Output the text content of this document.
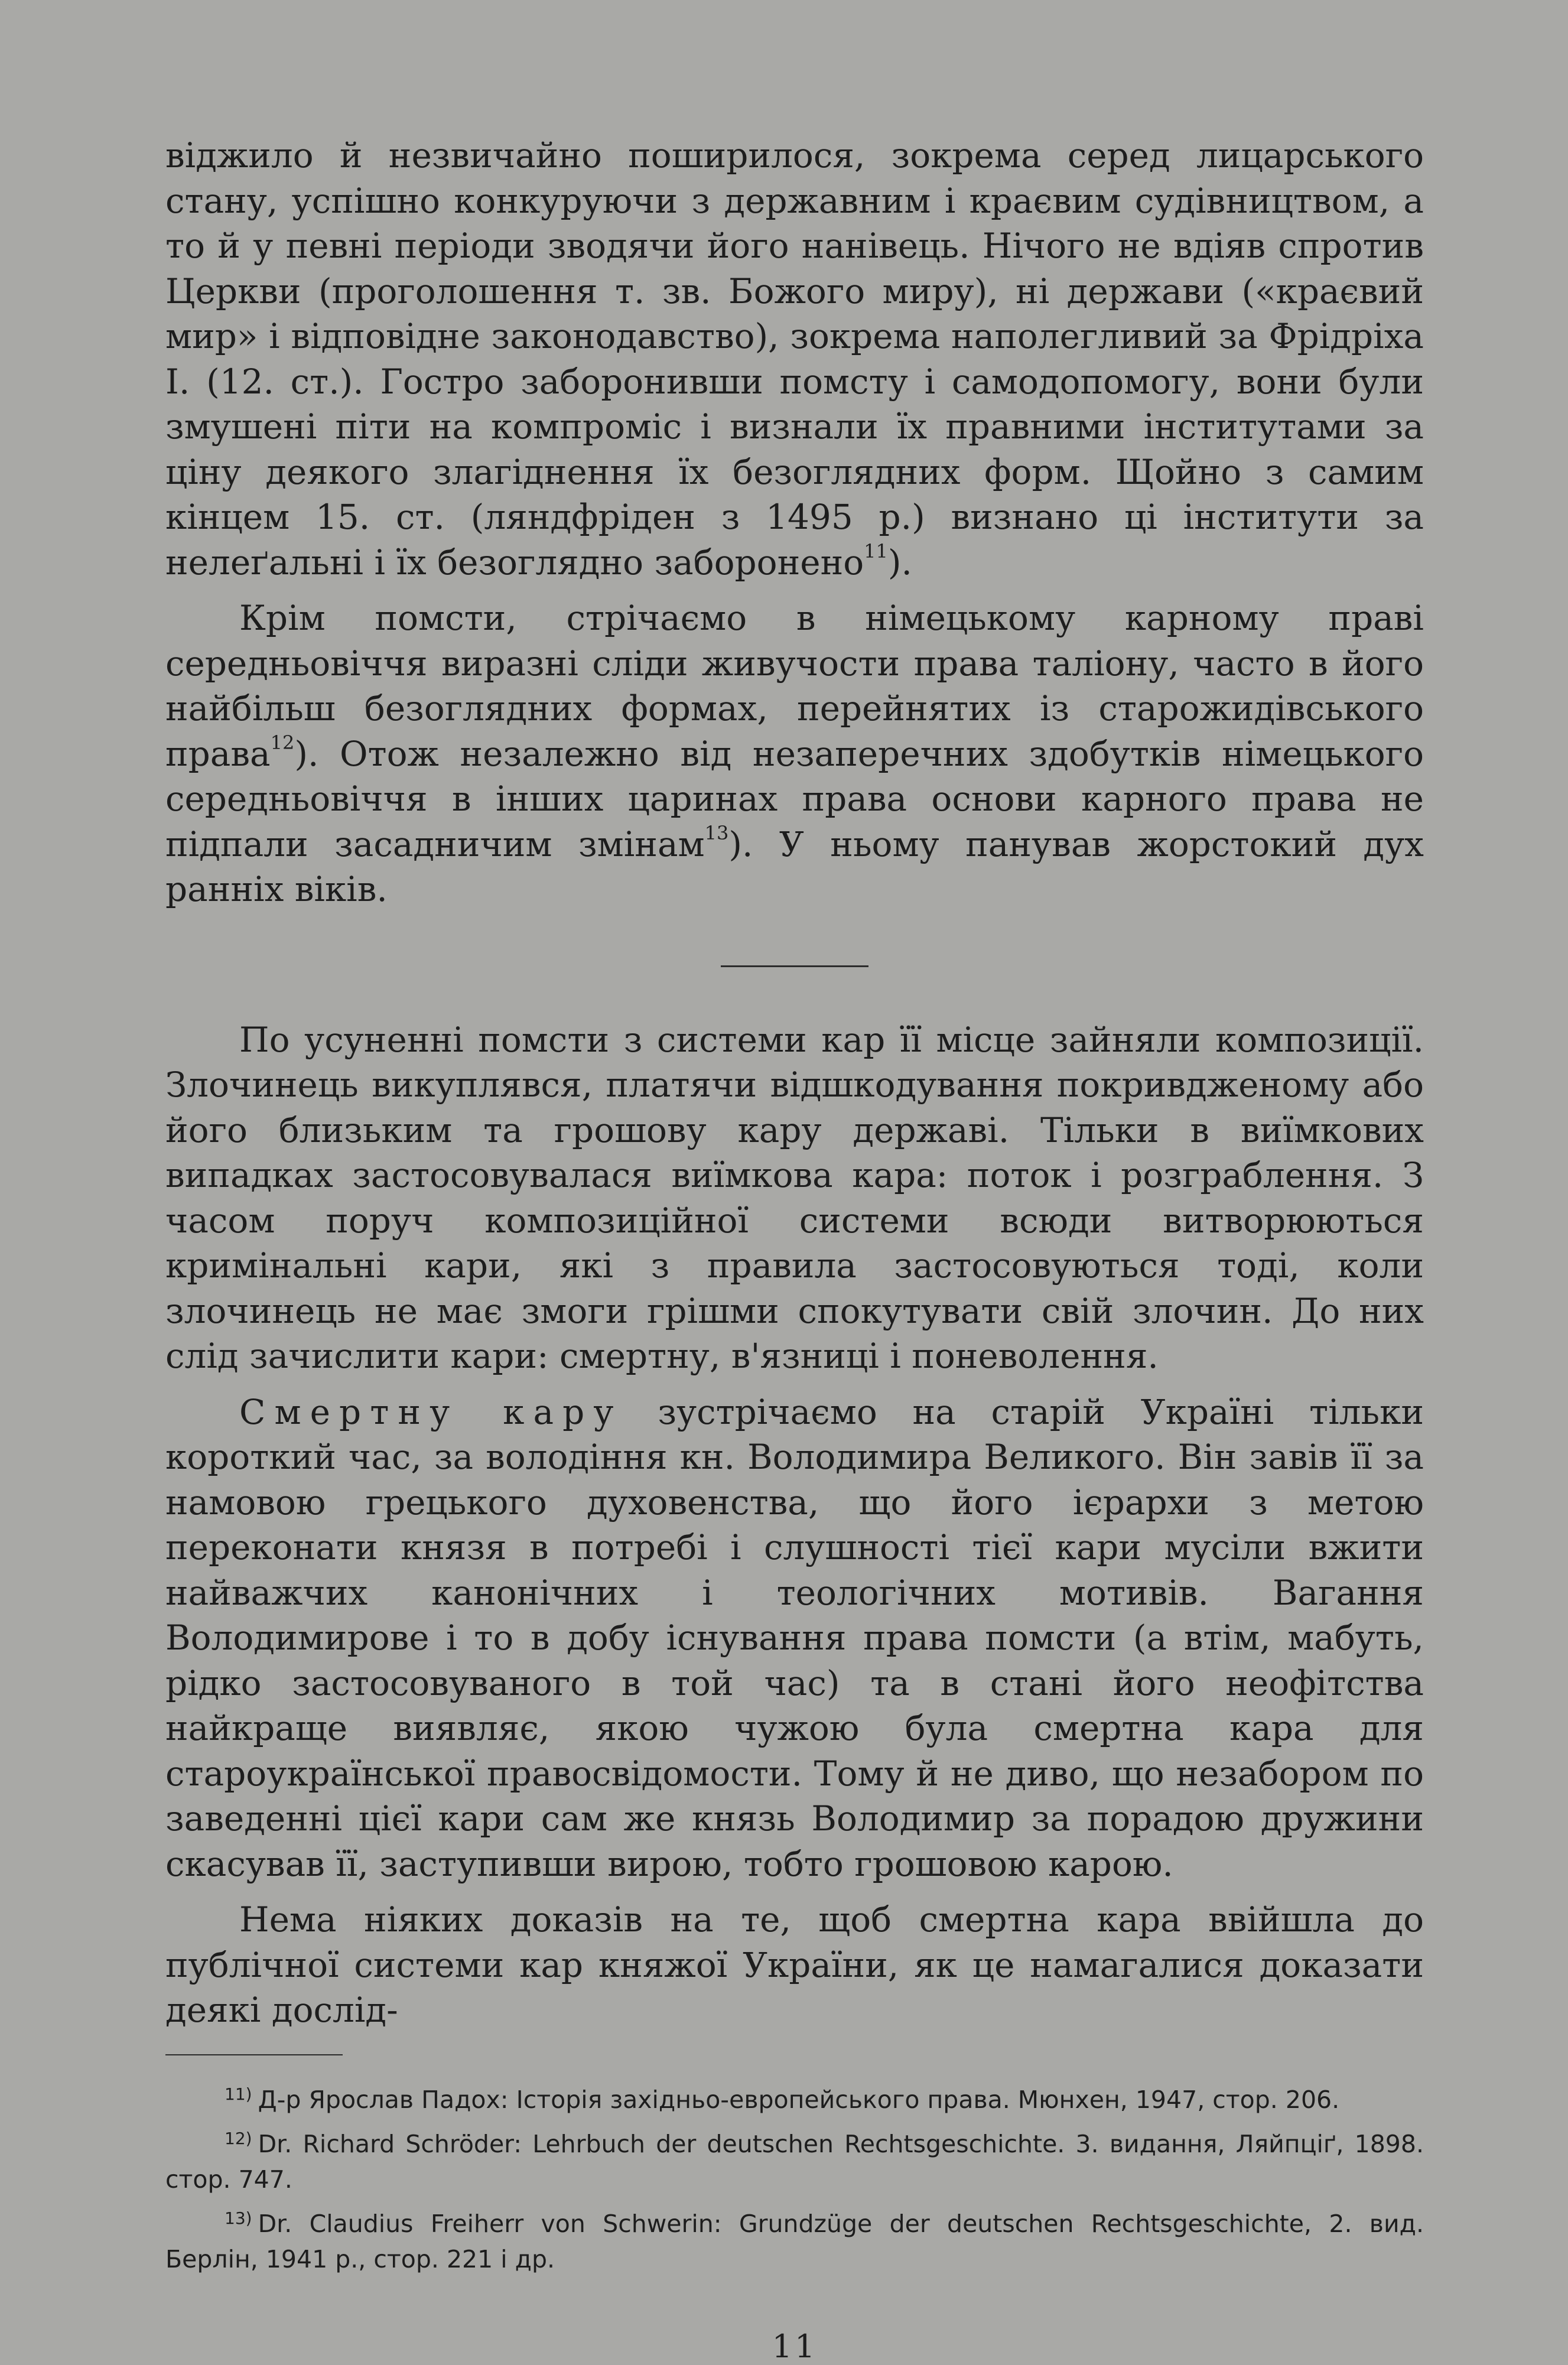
віджило й незвичайно поширилося, зокрема серед лицарського стану, успішно конкуруючи з державним і краєвим судівництвом, а то й у певні періоди зводячи його нанівець. Нічого не вдіяв спротив Церкви (проголошення т. зв. Божого миру), ні держави («краєвий мир» і відповідне законодавство), зокрема наполегливий за Фрідріха І. (12. ст.). Гостро заборонивши помсту і самодопомогу, вони були змушені піти на компроміс і визнали їх правними інститутами за ціну деякого злагіднення їх безоглядних форм. Щойно з самим кінцем 15. ст. (ляндфріден з 1495 р.) визнано ці інститути за нелеґальні і їх безоглядно заборонено$^{11}$).

Крім помсти, стрічаємо в німецькому карному праві середньовіччя виразні сліди живучости права таліону, часто в його найбільш безоглядних формах, перейнятих із старожидівського права$^{12}$). Отож незалежно від незаперечних здобутків німецького середньовіччя в інших царинах права основи карного права не підпали засадничим змінам$^{13}$). У ньому панував жорстокий дух ранніх віків.

По усуненні помсти з системи кар її місце зайняли композиції. Злочинець викуплявся, платячи відшкодування покривдженому або його близьким та грошову кару державі. Тільки в виїмкових випадках застосовувалася виїмкова кара: поток і розграблення. З часом поруч композиційної системи всюди витворюються кримінальні кари, які з правила застосовуються тоді, коли злочинець не має змоги грішми спокутувати свій злочин. До них слід зачислити кари: смертну, в'язниці і поневолення.

Смертну кару зустрічаємо на старій Україні тільки короткий час, за володіння кн. Володимира Великого. Він завів її за намовою грецького духовенства, що його ієрархи з метою переконати князя в потребі і слушності тієї кари мусіли вжити найважчих канонічних і теологічних мотивів. Вагання Володимирове і то в добу існування права помсти (а втім, мабуть, рідко застосовуваного в той час) та в стані його неофітства найкраще виявляє, якою чужою була смертна кара для староукраїнської правосвідомости. Тому й не диво, що незабором по заведенні цієї кари сам же князь Володимир за порадою дружини скасував її, заступивши вирою, тобто грошовою карою.

Нема ніяких доказів на те, щоб смертна кара ввійшла до публічної системи кар княжої України, як це намагалися доказати деякі дослід-

$^{11)}$ Д-р Ярослав Падох: Історія західньо-европейського права. Мюнхен, 1947, стор. 206.

$^{12)}$ Dr. Richard Schröder: Lehrbuch der deutschen Rechtsgeschichte. 3. видання, Ляйпціґ, 1898. стор. 747.

$^{13)}$ Dr. Claudius Freiherr von Schwerin: Grundzüge der deutschen Rechtsgeschichte, 2. вид. Берлін, 1941 р., стор. 221 і др.

11
